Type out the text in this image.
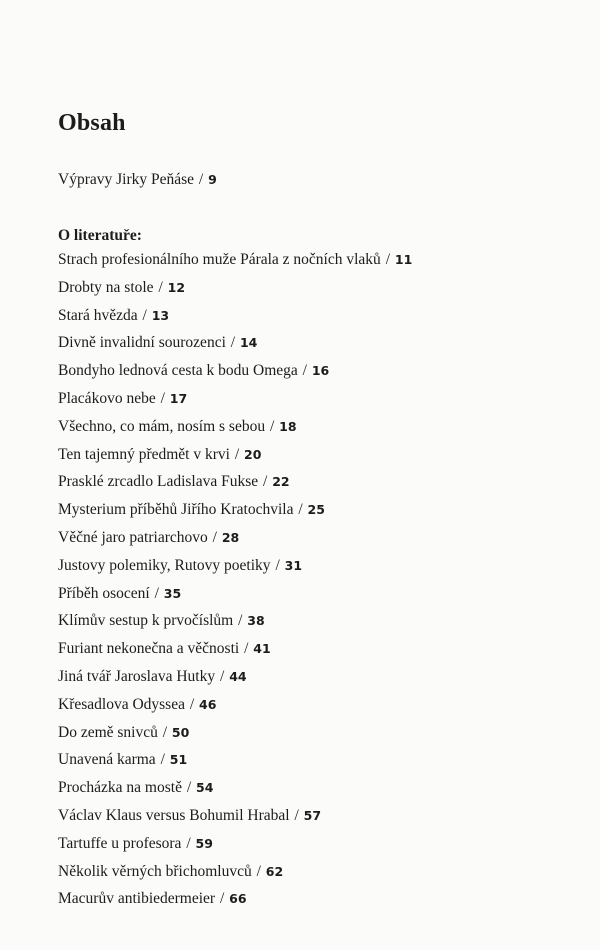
Obsah
Výpravy Jirky Peňáse / 9
O literatuře:
Strach profesionálního muže Párala z nočních vlaků / 11
Drobty na stole / 12
Stará hvězda / 13
Divně invalidní sourozenci / 14
Bondyho lednová cesta k bodu Omega / 16
Placákovo nebe / 17
Všechno, co mám, nosím s sebou / 18
Ten tajemný předmět v krvi / 20
Prasklé zrcadlo Ladislava Fukse / 22
Mysterium příběhů Jiřího Kratochvila / 25
Věčné jaro patriarchovo / 28
Justovy polemiky, Rutovy poetiky / 31
Příběh osocení / 35
Klímův sestup k prvočíslům / 38
Furiant nekonečna a věčnosti / 41
Jiná tvář Jaroslava Hutky / 44
Křesadlova Odyssea / 46
Do země snivců / 50
Unavená karma / 51
Procházka na mostě / 54
Václav Klaus versus Bohumil Hrabal / 57
Tartuffe u profesora / 59
Několik věrných břichomluvců / 62
Macurův antibiedermeier / 66
